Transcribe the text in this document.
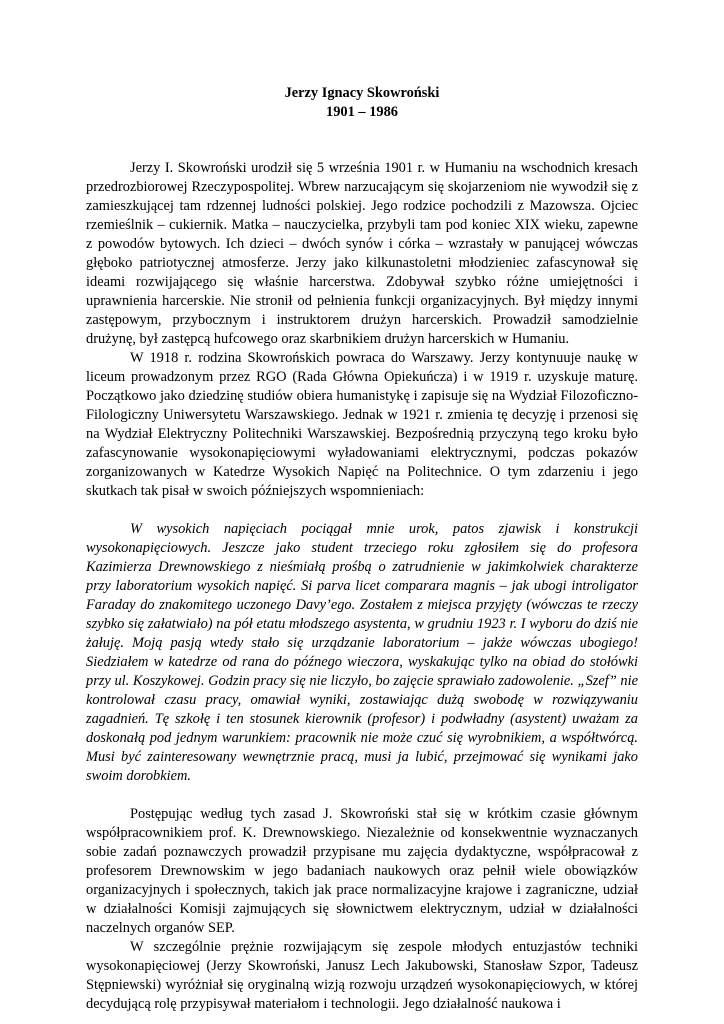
Jerzy Ignacy Skowroński
1901 – 1986

Jerzy I. Skowroński urodził się 5 września 1901 r. w Humaniu na wschodnich kresach przedrozbiorowej Rzeczypospolitej. Wbrew narzucającym się skojarzeniom nie wywodził się z zamieszkującej tam rdzennej ludności polskiej. Jego rodzice pochodzili z Mazowsza. Ojciec rzemieślnik – cukiernik. Matka – nauczycielka, przybyli tam pod koniec XIX wieku, zapewne z powodów bytowych. Ich dzieci – dwóch synów i córka – wzrastały w panującej wówczas głęboko patriotycznej atmosferze. Jerzy jako kilkunastoletni młodzieniec zafascynował się ideami rozwijającego się właśnie harcerstwa. Zdobywał szybko różne umiejętności i uprawnienia harcerskie. Nie stronił od pełnienia funkcji organizacyjnych. Był między innymi zastępowym, przybocznym i instruktorem drużyn harcerskich. Prowadził samodzielnie drużynę, był zastępcą hufcowego oraz skarbnikiem drużyn harcerskich w Humaniu.

W 1918 r. rodzina Skowrońskich powraca do Warszawy. Jerzy kontynuuje naukę w liceum prowadzonym przez RGO (Rada Główna Opiekuńcza) i w 1919 r. uzyskuje maturę. Początkowo jako dziedzinę studiów obiera humanistykę i zapisuje się na Wydział Filozoficzno-Filologiczny Uniwersytetu Warszawskiego. Jednak w 1921 r. zmienia tę decyzję i przenosi się na Wydział Elektryczny Politechniki Warszawskiej. Bezpośrednią przyczyną tego kroku było zafascynowanie wysokonapięciowymi wyładowaniami elektrycznymi, podczas pokazów zorganizowanych w Katedrze Wysokich Napięć na Politechnice. O tym zdarzeniu i jego skutkach tak pisał w swoich późniejszych wspomnieniach:

W wysokich napięciach pociągał mnie urok, patos zjawisk i konstrukcji wysokonapięciowych. Jeszcze jako student trzeciego roku zgłosiłem się do profesora Kazimierza Drewnowskiego z nieśmiałą prośbą o zatrudnienie w jakimkolwiek charakterze przy laboratorium wysokich napięć. Si parva licet comparara magnis – jak ubogi introligator Faraday do znakomitego uczonego Davy’ego. Zostałem z miejsca przyjęty (wówczas te rzeczy szybko się załatwiało) na pół etatu młodszego asystenta, w grudniu 1923 r. I wyboru do dziś nie żałuję. Moją pasją wtedy stało się urządzanie laboratorium – jakże wówczas ubogiego! Siedziałem w katedrze od rana do późnego wieczora, wyskakując tylko na obiad do stołówki przy ul. Koszykowej. Godzin pracy się nie liczyło, bo zajęcie sprawiało zadowolenie. „Szef” nie kontrolował czasu pracy, omawiał wyniki, zostawiając dużą swobodę w rozwiązywaniu zagadnień. Tę szkołę i ten stosunek kierownik (profesor) i podwładny (asystent) uważam za doskonałą pod jednym warunkiem: pracownik nie może czuć się wyrobnikiem, a współtwórcą. Musi być zainteresowany wewnętrznie pracą, musi ja lubić, przejmować się wynikami jako swoim dorobkiem.

Postępując według tych zasad J. Skowroński stał się w krótkim czasie głównym współpracownikiem prof. K. Drewnowskiego. Niezależnie od konsekwentnie wyznaczanych sobie zadań poznawczych prowadził przypisane mu zajęcia dydaktyczne, współpracował z profesorem Drewnowskim w jego badaniach naukowych oraz pełnił wiele obowiązków organizacyjnych i społecznych, takich jak prace normalizacyjne krajowe i zagraniczne, udział w działalności Komisji zajmujących się słownictwem elektrycznym, udział w działalności naczelnych organów SEP.

W szczególnie prężnie rozwijającym się zespole młodych entuzjastów techniki wysokonapięciowej (Jerzy Skowroński, Janusz Lech Jakubowski, Stanosław Szpor, Tadeusz Stępniewski) wyróżniał się oryginalną wizją rozwoju urządzeń wysokonapięciowych, w której decydującą rolę przypisywał materiałom i technologii. Jego działalność naukowa i
